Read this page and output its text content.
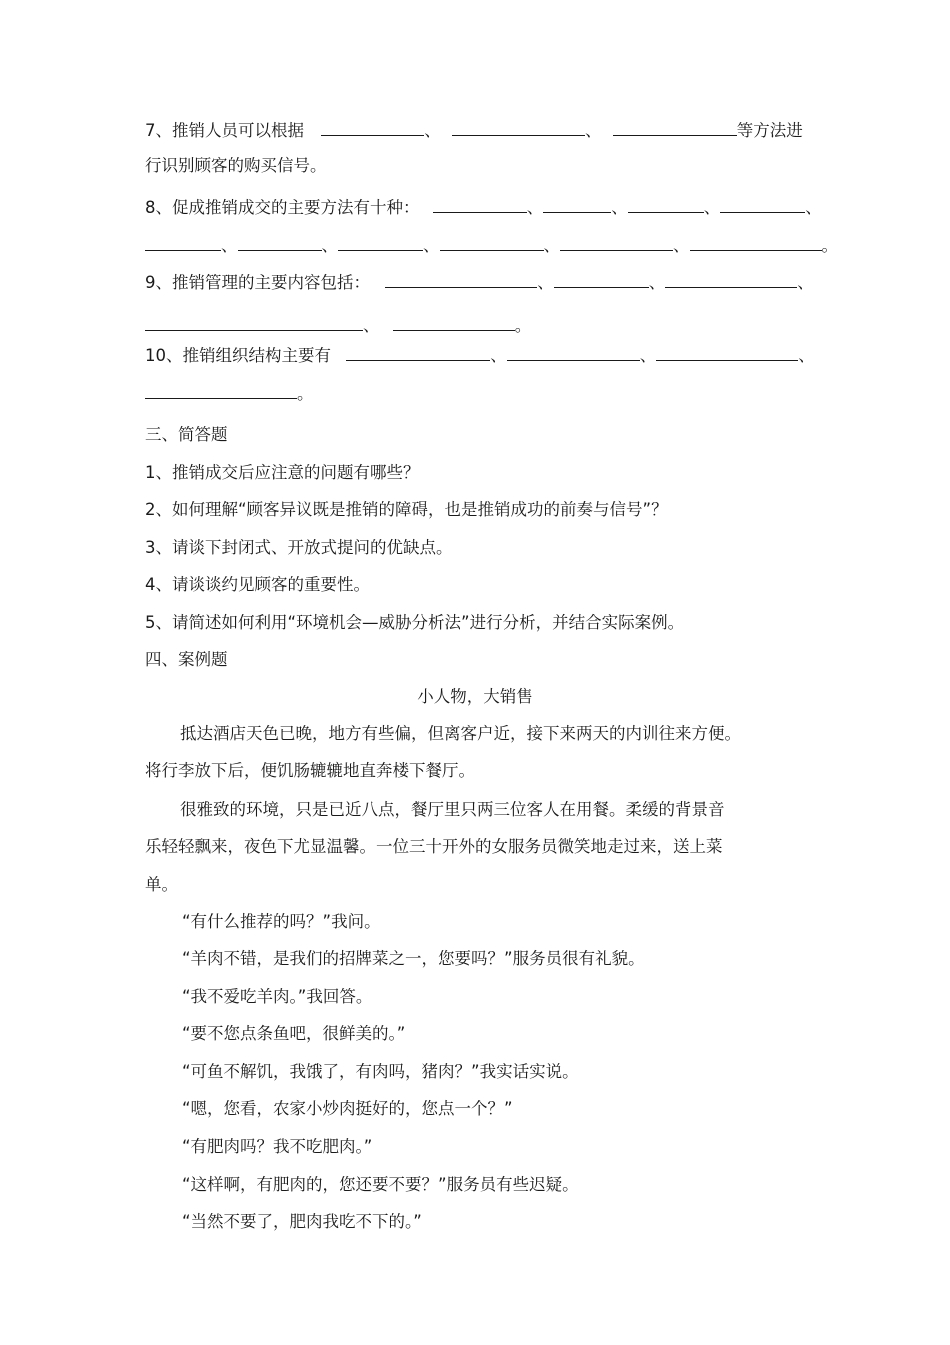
7、推销人员可以根据	、	、	等方法进
行识别顾客的购买信号。
8、促成推销成交的主要方法有十种：	、	、	、	、
、	、	、	、	、	。
9、推销管理的主要内容包括：	、	、	、
、	。
10、推销组织结构主要有	、	、	、
。
三、简答题
1、推销成交后应注意的问题有哪些？
2、如何理解“顾客异议既是推销的障碍，也是推销成功的前奏与信号”？
3、请谈下封闭式、开放式提问的优缺点。
4、请谈谈约见顾客的重要性。
5、请简述如何利用“环境机会—威胁分析法”进行分析，并结合实际案例。
四、案例题
小人物，大销售
抵达酒店天色已晚，地方有些偏，但离客户近，接下来两天的内训往来方便。
将行李放下后，便饥肠辘辘地直奔楼下餐厅。
很雅致的环境，只是已近八点，餐厅里只两三位客人在用餐。柔缓的背景音
乐轻轻飘来，夜色下尤显温馨。一位三十开外的女服务员微笑地走过来，送上菜
单。
“有什么推荐的吗？”我问。
“羊肉不错，是我们的招牌菜之一，您要吗？”服务员很有礼貌。
“我不爱吃羊肉。”我回答。
“要不您点条鱼吧，很鲜美的。”
“可鱼不解饥，我饿了，有肉吗，猪肉？”我实话实说。
“嗯，您看，农家小炒肉挺好的，您点一个？”
“有肥肉吗？我不吃肥肉。”
“这样啊，有肥肉的，您还要不要？”服务员有些迟疑。
“当然不要了，肥肉我吃不下的。”
